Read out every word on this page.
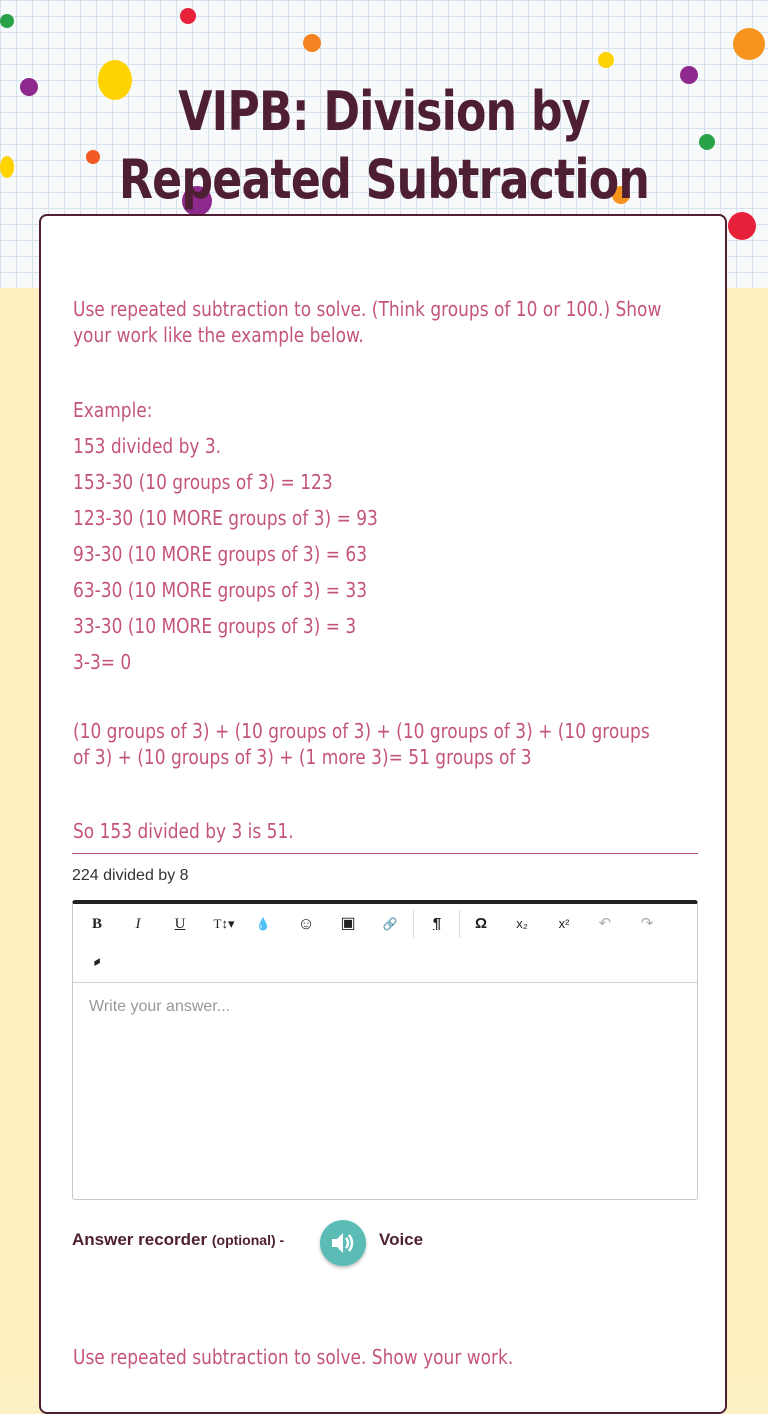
VIPB: Division by
Repeated Subtraction
Use repeated subtraction to solve. (Think groups of 10 or 100.) Show
your work like the example below.
Example:
153 divided by 3.
153-30 (10 groups of 3) = 123
123-30 (10 MORE groups of 3) = 93
93-30 (10 MORE groups of 3) = 63
63-30 (10 MORE groups of 3) = 33
33-30 (10 MORE groups of 3) = 3
3-3= 0
(10 groups of 3) + (10 groups of 3) + (10 groups of 3) + (10 groups
of 3) + (10 groups of 3) + (1 more 3)= 51 groups of 3
So 153 divided by 3 is 51.
224 divided by 8
B	I	U	T↕▾	💧 ☺ ▣	🔗	¶	Ω	x₂	x²	↶	↷
▰
Write your answer...
Answer recorder (optional) -	Voice
Use repeated subtraction to solve. Show your work.
